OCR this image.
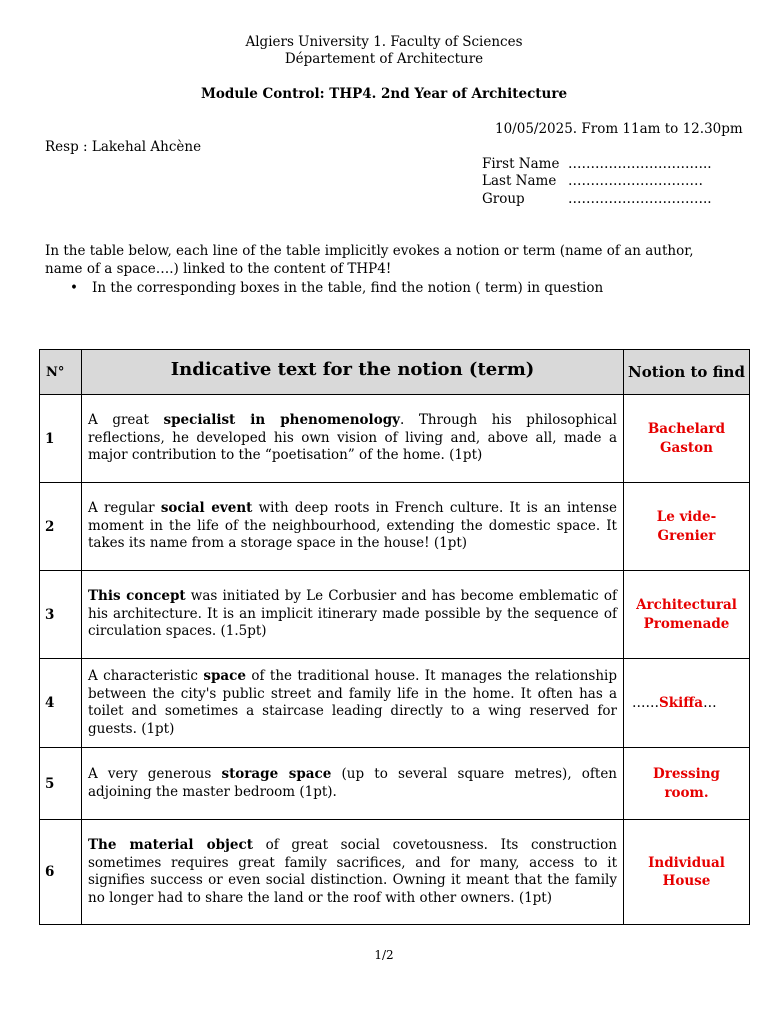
Algiers University 1. Faculty of Sciences
Département of Architecture
Module Control: THP4. 2nd Year of Architecture
10/05/2025. From 11am to 12.30pm
Resp : Lakehal Ahcène
First Name …………………………..
Last Name …………………………
Group	…………………………..
In the table below, each line of the table implicitly evokes a notion or term (name of an author, name of a space….) linked to the content of THP4!
• In the corresponding boxes in the table, find the notion ( term) in question
N°	Indicative text for the notion (term)	Notion to find
1	A great specialist in phenomenology. Through his philosophical reflections, he developed his own vision of living and, above all, made a major contribution to the “poetisation” of the home. (1pt)	Bachelard
Gaston
2	A regular social event with deep roots in French culture. It is an intense moment in the life of the neighbourhood, extending the domestic space. It takes its name from a storage space in the house! (1pt)	Le vide-
Grenier
3	This concept was initiated by Le Corbusier and has become emblematic of his architecture. It is an implicit itinerary made possible by the sequence of circulation spaces. (1.5pt)	Architectural
Promenade
4	A characteristic space of the traditional house. It manages the relationship between the city's public street and family life in the home. It often has a toilet and sometimes a staircase leading directly to a wing reserved for guests. (1pt)	……Skiffa…
5	A very generous storage space (up to several square metres), often adjoining the master bedroom (1pt).	Dressing
room.
6	The material object of great social covetousness. Its construction sometimes requires great family sacrifices, and for many, access to it signifies success or even social distinction. Owning it meant that the family no longer had to share the land or the roof with other owners. (1pt)	Individual
House
1/2
